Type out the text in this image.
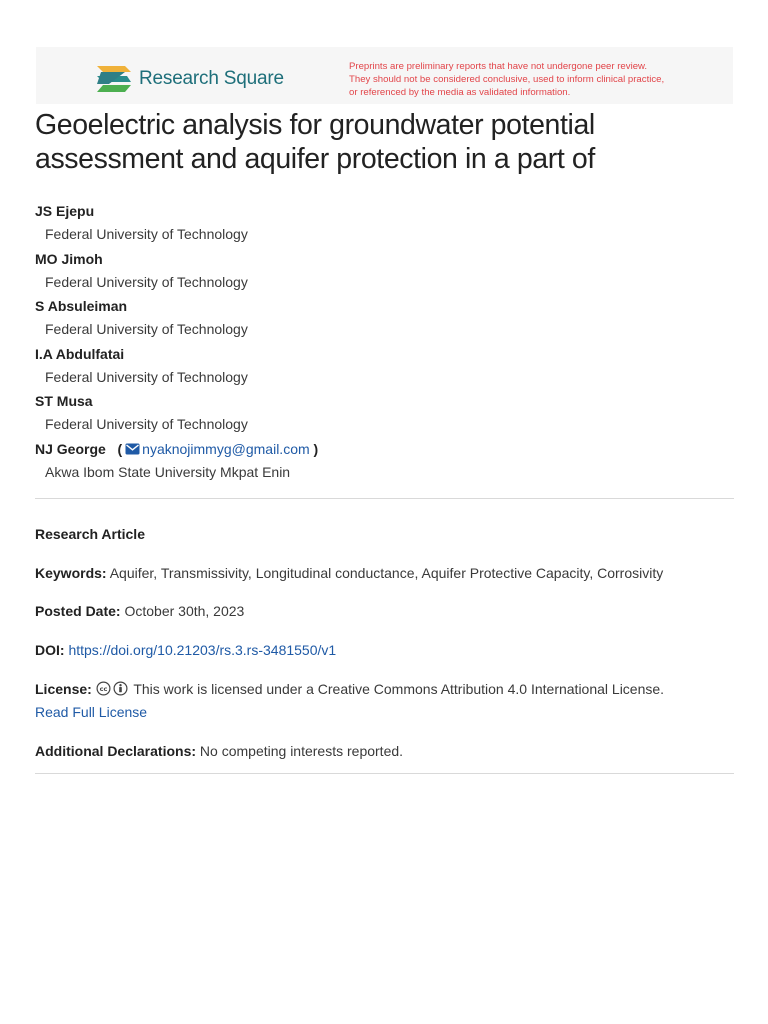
Research Square
Preprints are preliminary reports that have not undergone peer review.
They should not be considered conclusive, used to inform clinical practice,
or referenced by the media as validated information.
Geoelectric analysis for groundwater potential assessment and aquifer protection in a part of
JS Ejepu
Federal University of Technology
MO Jimoh
Federal University of Technology
S Absuleiman
Federal University of Technology
I.A Abdulfatai
Federal University of Technology
ST Musa
Federal University of Technology
NJ George   ( nyaknojimmyg@gmail.com )
Akwa Ibom State University Mkpat Enin
Research Article
Keywords: Aquifer, Transmissivity, Longitudinal conductance, Aquifer Protective Capacity, Corrosivity
Posted Date: October 30th, 2023
DOI: https://doi.org/10.21203/rs.3.rs-3481550/v1
License: cc This work is licensed under a Creative Commons Attribution 4.0 International License.
Read Full License
Additional Declarations: No competing interests reported.
